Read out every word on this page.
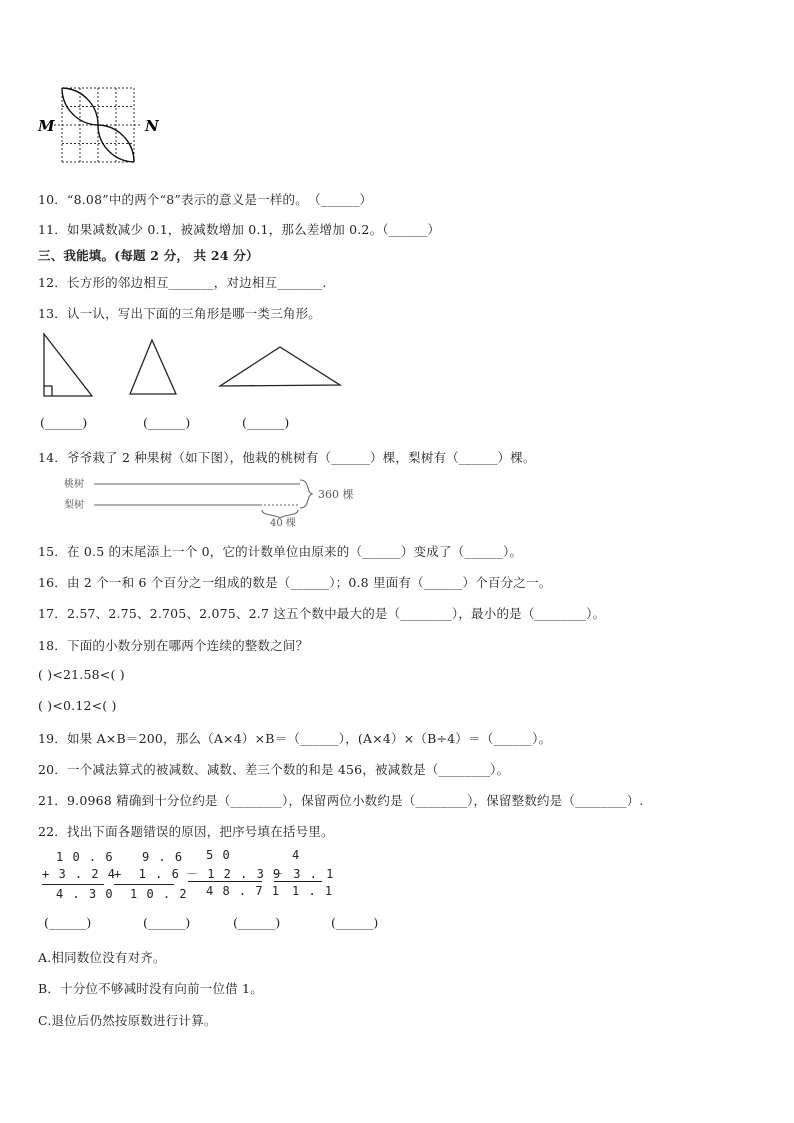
M	N
10．“8.08”中的两个“8”表示的意义是一样的。　（______）
11．如果减数减少 0.1，被减数增加 0.1，那么差增加 0.2。（______）
三、我能填。(每题 2 分， 共 24 分）
12．长方形的邻边相互_______，对边相互_______.
13．认一认，写出下面的三角形是哪一类三角形。
(______)	(______)	(______)
14．爷爷栽了 2 种果树（如下图），他栽的桃树有（______）棵，梨树有（______）棵。
桃树
梨树
360 棵
40 棵
15．在 0.5 的末尾添上一个 0，它的计数单位由原来的（______）变成了（______）。
16．由 2 个一和 6 个百分之一组成的数是（______）；0.8 里面有（______）个百分之一。
17．2.57、2.75、2.705、2.075、2.7 这五个数中最大的是（________），最小的是（________）。
18．下面的小数分别在哪两个连续的整数之间？
( )<21.58<( )
( )<0.12<( )
19．如果 A×B＝200，那么（A×4）×B＝（______），(A×4）×（B÷4）＝（______）。
20．一个减法算式的被减数、减数、差三个数的和是 456，被减数是（________）。
21．9.0968 精确到十分位约是（________），保留两位小数约是（________），保留整数约是（________）.
22．找出下面各题错误的原因，把序号填在括号里。
1 0 . 6
+ 3 . 2 4
4 . 3 0
9 . 6
+  1 . 6
1 0 . 2
5 0
－ 1 2 . 3 9
4 8 . 7 1
4
－ 3 . 1
1 . 1
(______)	(______)	(______)	(______)
A.相同数位没有对齐。
B．十分位不够减时没有向前一位借 1。
C.退位后仍然按原数进行计算。
